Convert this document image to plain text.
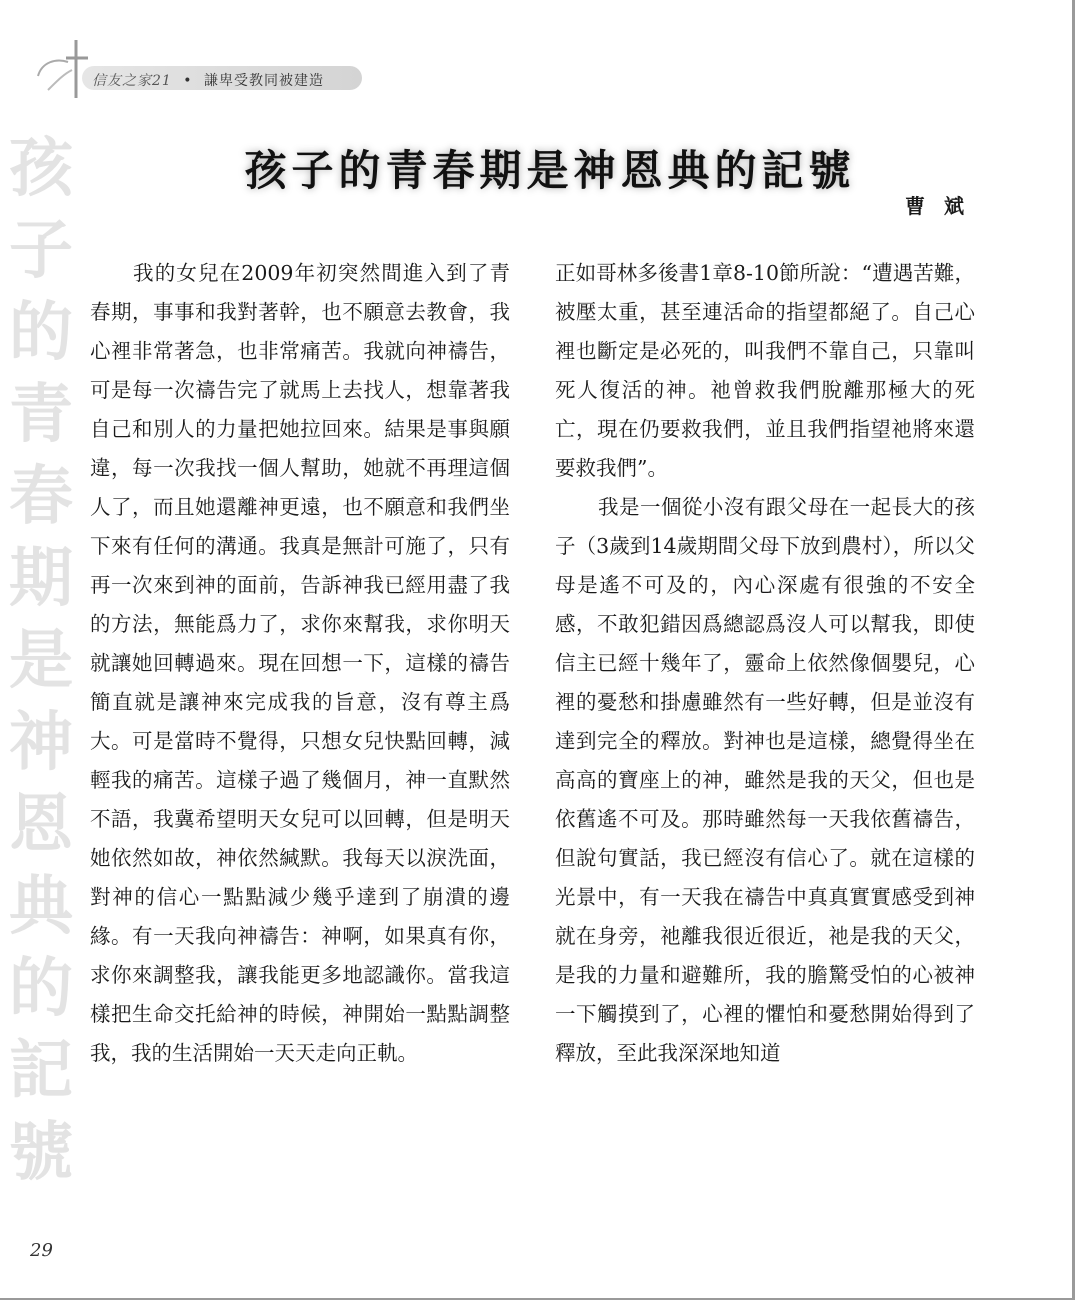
信友之家21 • 謙卑受教同被建造
孩子的青春期是神恩典的記號
孩子的青春期是神恩典的記號
曹 斌

我的女兒在2009年初突然間進入到了青春期，事事和我對著幹，也不願意去教會，我心裡非常著急，也非常痛苦。我就向神禱告，可是每一次禱告完了就馬上去找人，想靠著我自己和別人的力量把她拉回來。結果是事與願違，每一次我找一個人幫助，她就不再理這個人了，而且她還離神更遠，也不願意和我們坐下來有任何的溝通。我真是無計可施了，只有再一次來到神的面前，告訴神我已經用盡了我的方法，無能爲力了，求你來幫我，求你明天就讓她回轉過來。現在回想一下，這樣的禱告簡直就是讓神來完成我的旨意，沒有尊主爲大。可是當時不覺得，只想女兒快點回轉，減輕我的痛苦。這樣子過了幾個月，神一直默然不語，我冀希望明天女兒可以回轉，但是明天她依然如故，神依然緘默。我每天以淚洗面，對神的信心一點點減少幾乎達到了崩潰的邊緣。有一天我向神禱告：神啊，如果真有你，求你來調整我，讓我能更多地認識你。當我這樣把生命交托給神的時候，神開始一點點調整我，我的生活開始一天天走向正軌。

正如哥林多後書1章8-10節所說：“遭遇苦難，被壓太重，甚至連活命的指望都絕了。自己心裡也斷定是必死的，叫我們不靠自己，只靠叫死人復活的神。祂曾救我們脫離那極大的死亡，現在仍要救我們，並且我們指望祂將來還要救我們”。

我是一個從小沒有跟父母在一起長大的孩子（3歲到14歲期間父母下放到農村），所以父母是遙不可及的，內心深處有很強的不安全感，不敢犯錯因爲總認爲沒人可以幫我，即使信主已經十幾年了，靈命上依然像個嬰兒，心裡的憂愁和掛慮雖然有一些好轉，但是並沒有達到完全的釋放。對神也是這樣，總覺得坐在高高的寶座上的神，雖然是我的天父，但也是依舊遙不可及。那時雖然每一天我依舊禱告，但說句實話，我已經沒有信心了。就在這樣的光景中，有一天我在禱告中真真實實感受到神就在身旁，祂離我很近很近，祂是我的天父，是我的力量和避難所，我的膽驚受怕的心被神一下觸摸到了，心裡的懼怕和憂愁開始得到了釋放，至此我深深地知道

29
